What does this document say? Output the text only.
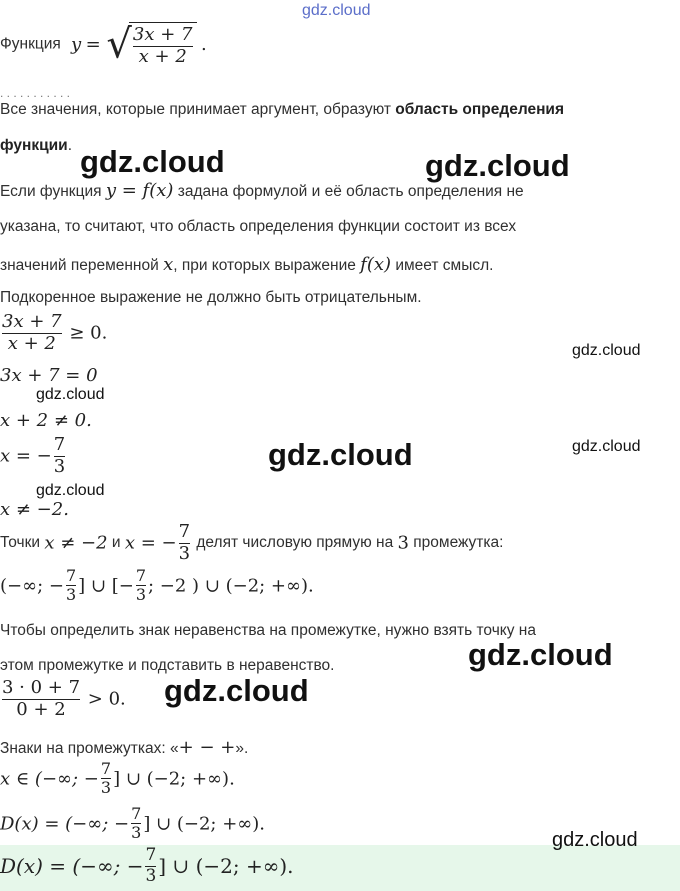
gdz.cloud
Функция  y = √ $\frac{3x + 7}{x + 2}$ .
. . . . . . . . . . .
Все значения, которые принимает аргумент, образуют область определения
функции. gdz.cloud	gdz.cloud
Если функция y = f(x) задана формулой и её область определения не
указана, то считают, что область определения функции состоит из всех
значений переменной x, при которых выражение f(x) имеет смысл.
Подкоренное выражение не должно быть отрицательным.
$\frac{3x + 7}{x + 2} \ge 0$.
gdz.cloud
3x + 7 = 0
gdz.cloud
x + 2 ≠ 0.
x = − $\frac{7}{3}$	gdz.cloud	gdz.cloud
gdz.cloud
x ≠ −2.
Точки x ≠ −2 и x = − $\frac{7}{3}$ делят числовую прямую на 3 промежутка:
(−∞; − $\frac{7}{3}$ ] ∪ [− $\frac{7}{3}$ ; −2 ) ∪ (−2; +∞).
Чтобы определить знак неравенства на промежутке, нужно взять точку на
этом промежутке и подставить в неравенство.	gdz.cloud
gdz.cloud
$\frac{3 \cdot 0 + 7}{0 + 2} > 0$.
Знаки на промежутках: «+ − +».
x ∈ (−∞; − $\frac{7}{3}$ ] ∪ (−2; +∞).
D(x) = (−∞; − $\frac{7}{3}$ ] ∪ (−2; +∞).
gdz.cloud
D(x) = (−∞; − $\frac{7}{3}$ ] ∪ (−2; +∞).
